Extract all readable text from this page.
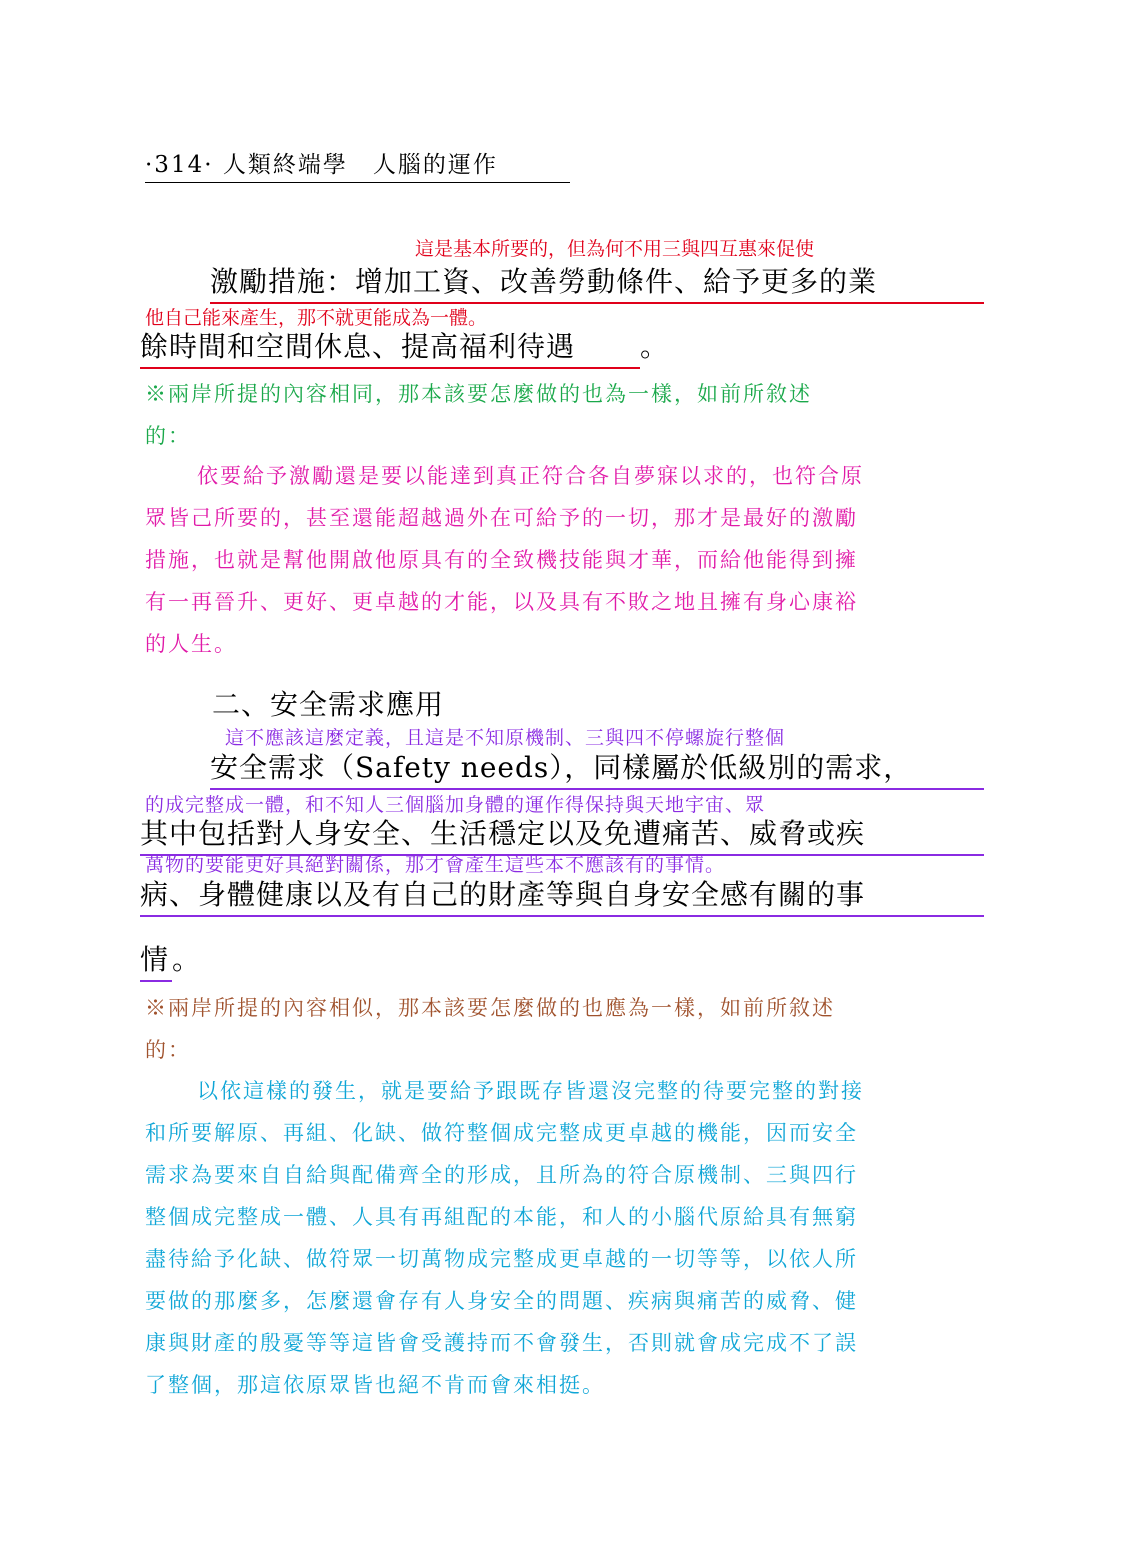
·314· 人類終端學　人腦的運作
這是基本所要的，但為何不用三與四互惠來促使
激勵措施：增加工資、改善勞動條件、給予更多的業
他自己能來產生，那不就更能成為一體。
餘時間和空間休息、提高福利待遇 。
※兩岸所提的內容相同，那本該要怎麼做的也為一樣，如前所敘述
的：
依要給予激勵還是要以能達到真正符合各自夢寐以求的，也符合原
眾皆己所要的，甚至還能超越過外在可給予的一切，那才是最好的激勵
措施，也就是幫他開啟他原具有的全致機技能與才華，而給他能得到擁
有一再晉升、更好、更卓越的才能，以及具有不敗之地且擁有身心康裕
的人生。
二、安全需求應用
這不應該這麼定義，且這是不知原機制、三與四不停螺旋行整個
安全需求（Safety needs），同樣屬於低級別的需求，
的成完整成一體，和不知人三個腦加身體的運作得保持與天地宇宙、眾
其中包括對人身安全、生活穩定以及免遭痛苦、威脅或疾
萬物的要能更好具絕對關係，那才會產生這些本不應該有的事情。
病、身體健康以及有自己的財產等與自身安全感有關的事
情 。
※兩岸所提的內容相似，那本該要怎麼做的也應為一樣，如前所敘述
的：
以依這樣的發生，就是要給予跟既存皆還沒完整的待要完整的對接
和所要解原、再組、化缺、做符整個成完整成更卓越的機能，因而安全
需求為要來自自給與配備齊全的形成，且所為的符合原機制、三與四行
整個成完整成一體、人具有再組配的本能，和人的小腦代原給具有無窮
盡待給予化缺、做符眾一切萬物成完整成更卓越的一切等等，以依人所
要做的那麼多，怎麼還會存有人身安全的問題、疾病與痛苦的威脅、健
康與財產的殷憂等等這皆會受護持而不會發生，否則就會成完成不了誤
了整個，那這依原眾皆也絕不肯而會來相挺。
